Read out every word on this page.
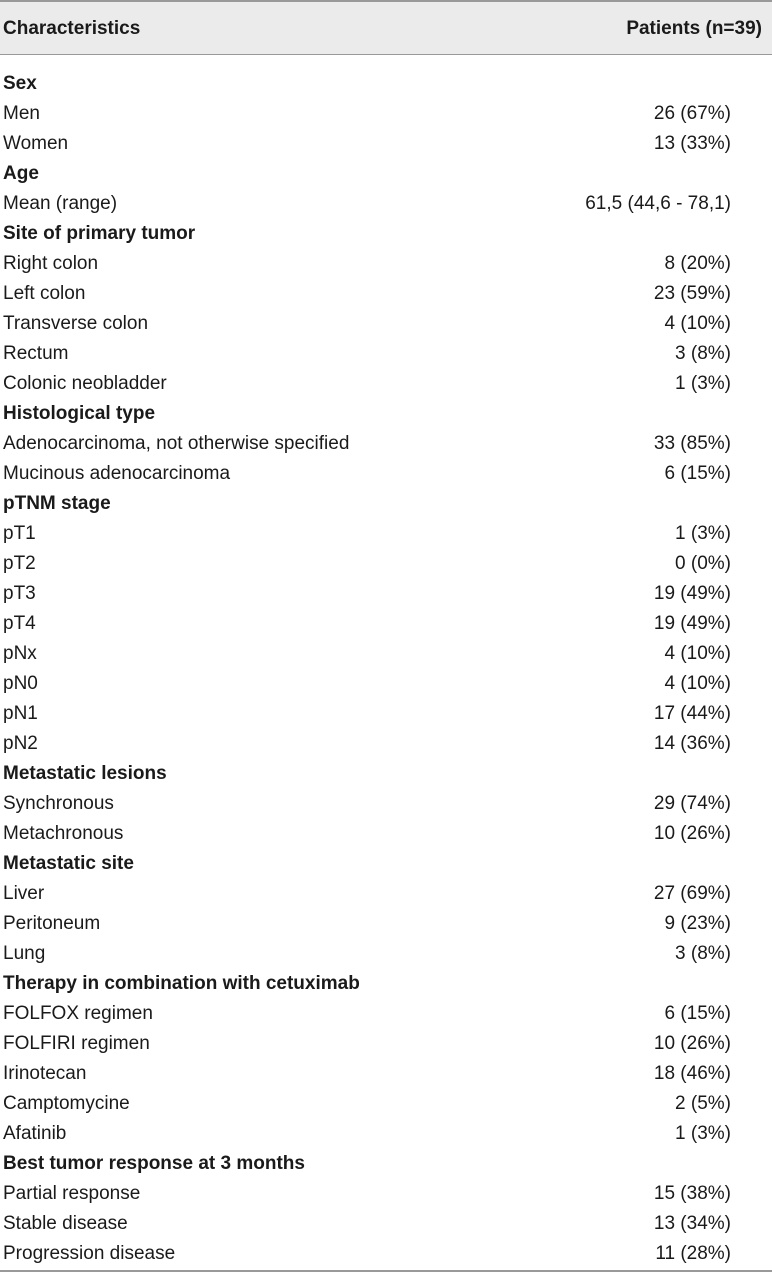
Characteristics	Patients (n=39)
Sex
Men	26 (67%)
Women	13 (33%)
Age
Mean (range)	61,5 (44,6 - 78,1)
Site of primary tumor
Right colon	8 (20%)
Left colon	23 (59%)
Transverse colon	4 (10%)
Rectum	3 (8%)
Colonic neobladder	1 (3%)
Histological type
Adenocarcinoma, not otherwise specified	33 (85%)
Mucinous adenocarcinoma	6 (15%)
pTNM stage
pT1	1 (3%)
pT2	0 (0%)
pT3	19 (49%)
pT4	19 (49%)
pNx	4 (10%)
pN0	4 (10%)
pN1	17 (44%)
pN2	14 (36%)
Metastatic lesions
Synchronous	29 (74%)
Metachronous	10 (26%)
Metastatic site
Liver	27 (69%)
Peritoneum	9 (23%)
Lung	3 (8%)
Therapy in combination with cetuximab
FOLFOX regimen	6 (15%)
FOLFIRI regimen	10 (26%)
Irinotecan	18 (46%)
Camptomycine	2 (5%)
Afatinib	1 (3%)
Best tumor response at 3 months
Partial response	15 (38%)
Stable disease	13 (34%)
Progression disease	11 (28%)
